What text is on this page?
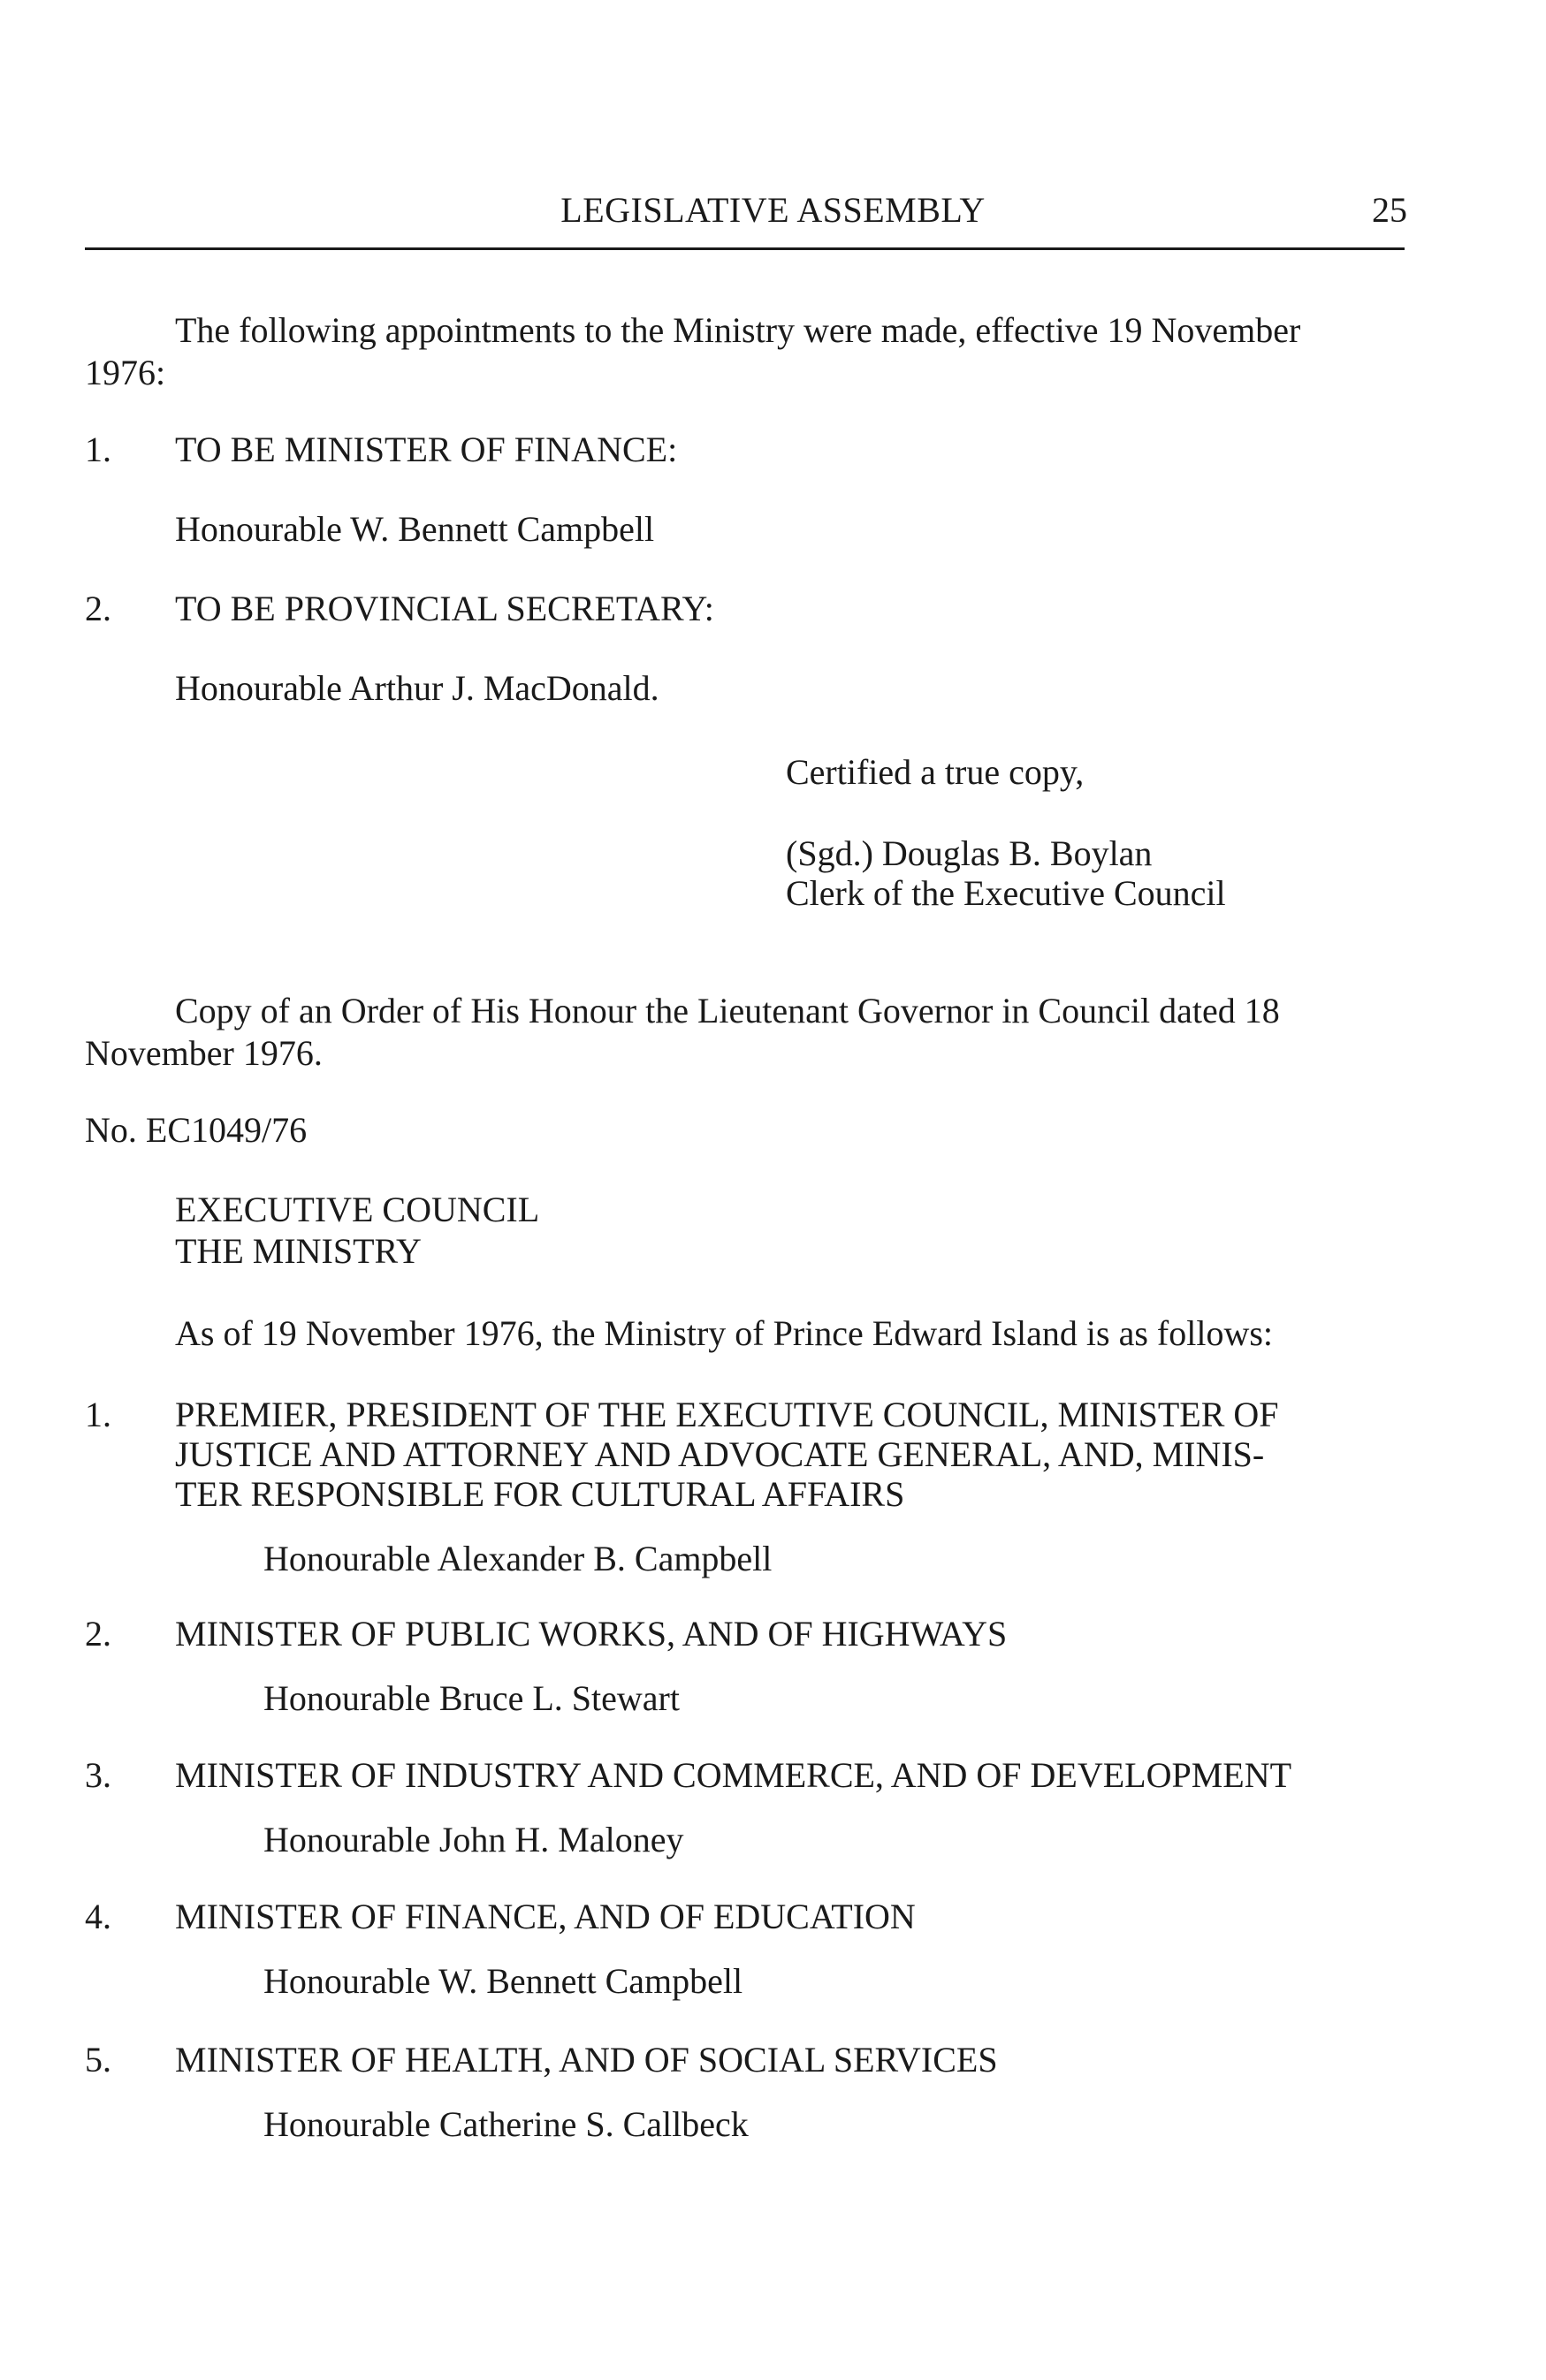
LEGISLATIVE ASSEMBLY	25
The following appointments to the Ministry were made, effective 19 November
1976:
1. TO BE MINISTER OF FINANCE:
Honourable W. Bennett Campbell
2. TO BE PROVINCIAL SECRETARY:
Honourable Arthur J. MacDonald.
Certified a true copy,
(Sgd.) Douglas B. Boylan
Clerk of the Executive Council
Copy of an Order of His Honour the Lieutenant Governor in Council dated 18
November 1976.
No. EC1049/76
EXECUTIVE COUNCIL
THE MINISTRY
As of 19 November 1976, the Ministry of Prince Edward Island is as follows:
1. PREMIER, PRESIDENT OF THE EXECUTIVE COUNCIL, MINISTER OF
JUSTICE AND ATTORNEY AND ADVOCATE GENERAL, AND, MINIS-
TER RESPONSIBLE FOR CULTURAL AFFAIRS
Honourable Alexander B. Campbell
2. MINISTER OF PUBLIC WORKS, AND OF HIGHWAYS
Honourable Bruce L. Stewart
3. MINISTER OF INDUSTRY AND COMMERCE, AND OF DEVELOPMENT
Honourable John H. Maloney
4. MINISTER OF FINANCE, AND OF EDUCATION
Honourable W. Bennett Campbell
5. MINISTER OF HEALTH, AND OF SOCIAL SERVICES
Honourable Catherine S. Callbeck
